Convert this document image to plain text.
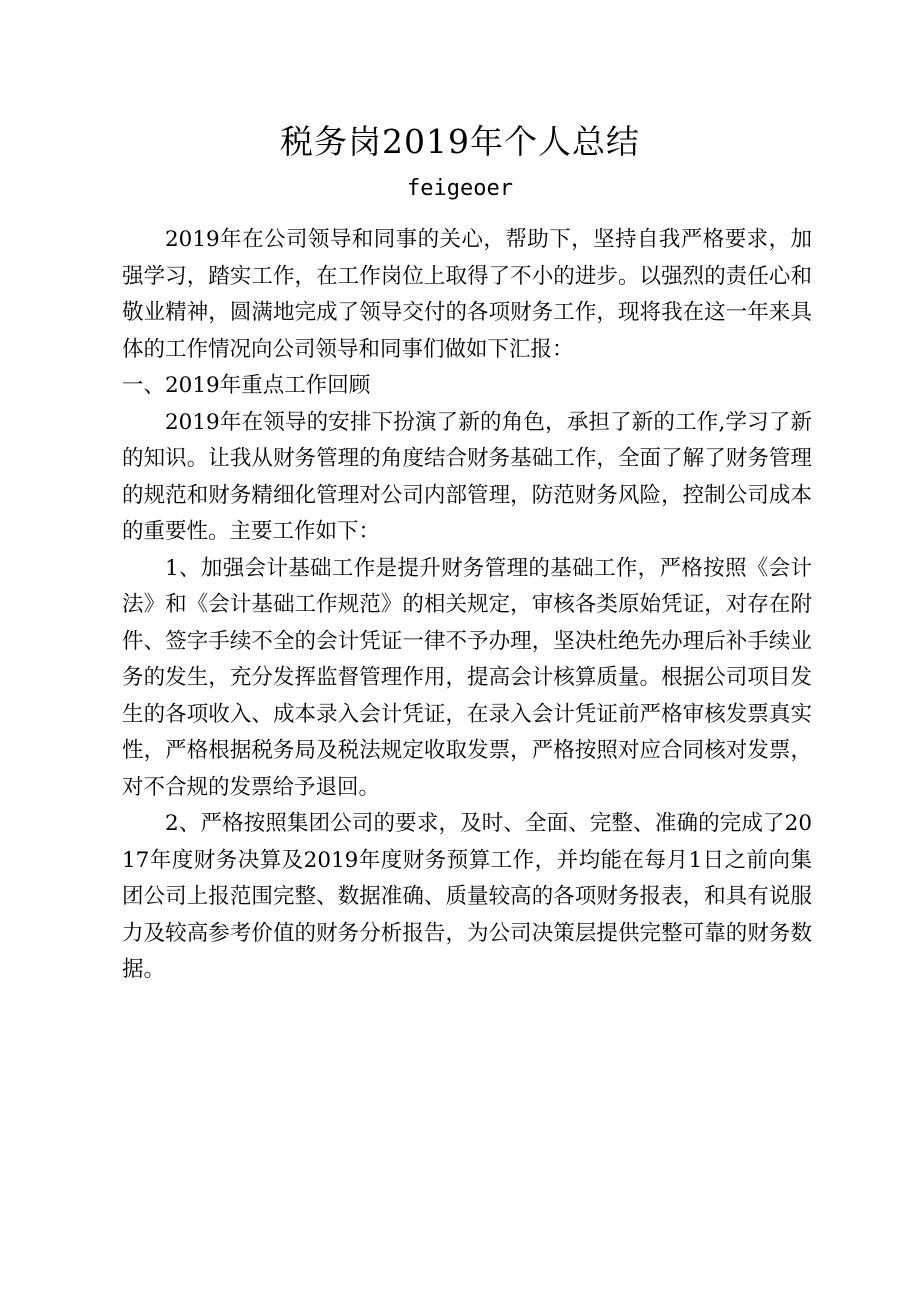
税务岗2019年个人总结
feigeoer

2019年在公司领导和同事的关心，帮助下，坚持自我严格要求，加强学习，踏实工作，在工作岗位上取得了不小的进步。以强烈的责任心和敬业精神，圆满地完成了领导交付的各项财务工作，现将我在这一年来具体的工作情况向公司领导和同事们做如下汇报：

一、2019年重点工作回顾

2019年在领导的安排下扮演了新的角色，承担了新的工作,学习了新的知识。让我从财务管理的角度结合财务基础工作，全面了解了财务管理的规范和财务精细化管理对公司内部管理，防范财务风险，控制公司成本的重要性。主要工作如下：

1、加强会计基础工作是提升财务管理的基础工作，严格按照《会计法》和《会计基础工作规范》的相关规定，审核各类原始凭证，对存在附件、签字手续不全的会计凭证一律不予办理，坚决杜绝先办理后补手续业务的发生，充分发挥监督管理作用，提高会计核算质量。根据公司项目发生的各项收入、成本录入会计凭证，在录入会计凭证前严格审核发票真实性，严格根据税务局及税法规定收取发票，严格按照对应合同核对发票，对不合规的发票给予退回。

2、严格按照集团公司的要求，及时、全面、完整、准确的完成了2017年度财务决算及2019年度财务预算工作，并均能在每月1日之前向集团公司上报范围完整、数据准确、质量较高的各项财务报表，和具有说服力及较高参考价值的财务分析报告，为公司决策层提供完整可靠的财务数据。
